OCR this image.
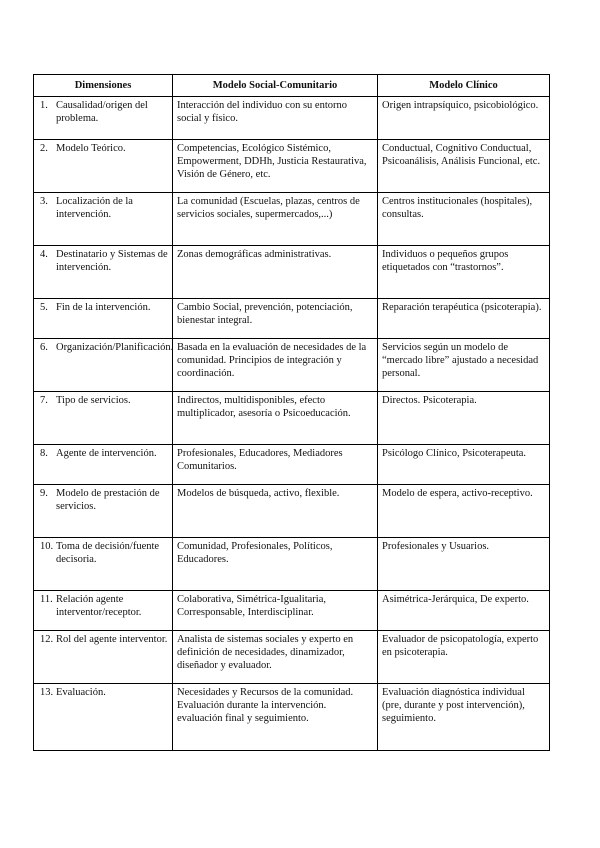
Dimensiones	Modelo Social-Comunitario	Modelo Clínico

1. Causalidad/origen del problema.	Interacción del individuo con su entorno social y físico.	Origen intrapsíquico, psicobiológico.

2. Modelo Teórico.	Competencias, Ecológico Sistémico, Empowerment, DDHh, Justicia Restaurativa, Visión de Género, etc.	Conductual, Cognitivo Conductual, Psicoanálisis, Análisis Funcional, etc.

3. Localización de la intervención.	La comunidad (Escuelas, plazas, centros de servicios sociales, supermercados,...)	Centros institucionales (hospitales), consultas.

4. Destinatario y Sistemas de intervención.	Zonas demográficas administrativas.	Individuos o pequeños grupos etiquetados con “trastornos”.

5. Fin de la intervención.	Cambio Social, prevención, potenciación, bienestar integral.	Reparación terapéutica (psicoterapia).

6. Organización/Planificación.	Basada en la evaluación de necesidades de la comunidad. Principios de integración y coordinación.	Servicios según un modelo de “mercado libre” ajustado a necesidad personal.

7. Tipo de servicios.	Indirectos, multidisponibles, efecto multiplicador, asesoría o Psicoeducación.	Directos. Psicoterapia.

8. Agente de intervención.	Profesionales, Educadores, Mediadores Comunitarios.	Psicólogo Clínico, Psicoterapeuta.

9. Modelo de prestación de servicios.	Modelos de búsqueda, activo, flexible.	Modelo de espera, activo-receptivo.

10. Toma de decisión/fuente decisoria.	Comunidad, Profesionales, Políticos, Educadores.	Profesionales y Usuarios.

11. Relación agente interventor/receptor.	Colaborativa, Simétrica-Igualitaria, Corresponsable, Interdisciplinar.	Asimétrica-Jerárquica, De experto.

12. Rol del agente interventor.	Analista de sistemas sociales y experto en definición de necesidades, dinamizador, diseñador y evaluador.	Evaluador de psicopatología, experto en psicoterapia.

13. Evaluación.	Necesidades y Recursos de la comunidad. Evaluación durante la intervención. evaluación final y seguimiento.	Evaluación diagnóstica individual (pre, durante y post intervención), seguimiento.
